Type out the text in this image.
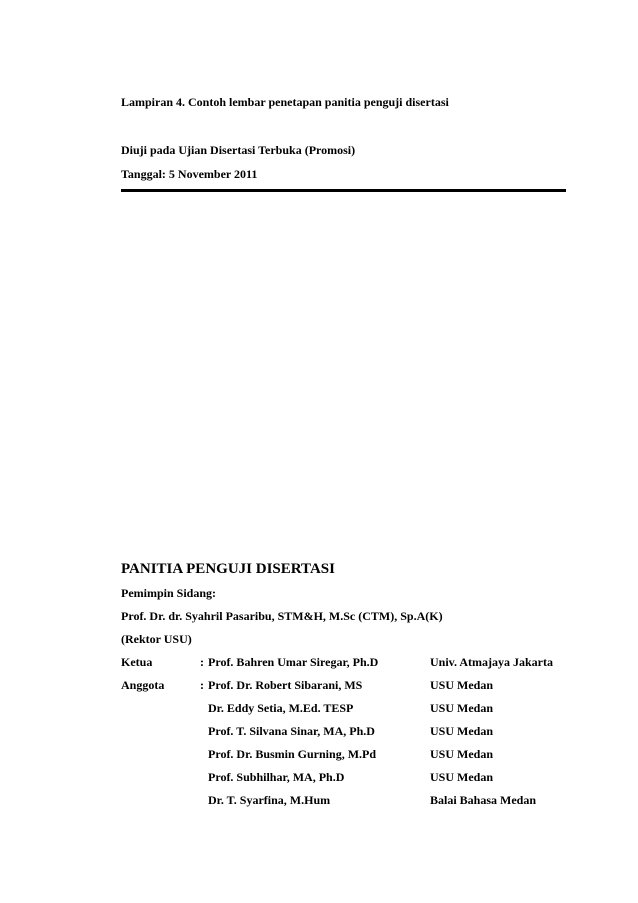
Lampiran 4. Contoh lembar penetapan panitia penguji disertasi
Diuji pada Ujian Disertasi Terbuka (Promosi)
Tanggal: 5 November 2011
PANITIA PENGUJI DISERTASI
Pemimpin Sidang:
Prof. Dr. dr. Syahril Pasaribu, STM&H, M.Sc (CTM), Sp.A(K)
(Rektor USU)
Ketua	: Prof. Bahren Umar Siregar, Ph.D	Univ. Atmajaya Jakarta
Anggota	: Prof. Dr. Robert Sibarani, MS	USU Medan
Dr. Eddy Setia, M.Ed. TESP	USU Medan
Prof. T. Silvana Sinar, MA, Ph.D	USU Medan
Prof. Dr. Busmin Gurning, M.Pd	USU Medan
Prof. Subhilhar, MA, Ph.D	USU Medan
Dr. T. Syarfina, M.Hum	Balai Bahasa Medan
